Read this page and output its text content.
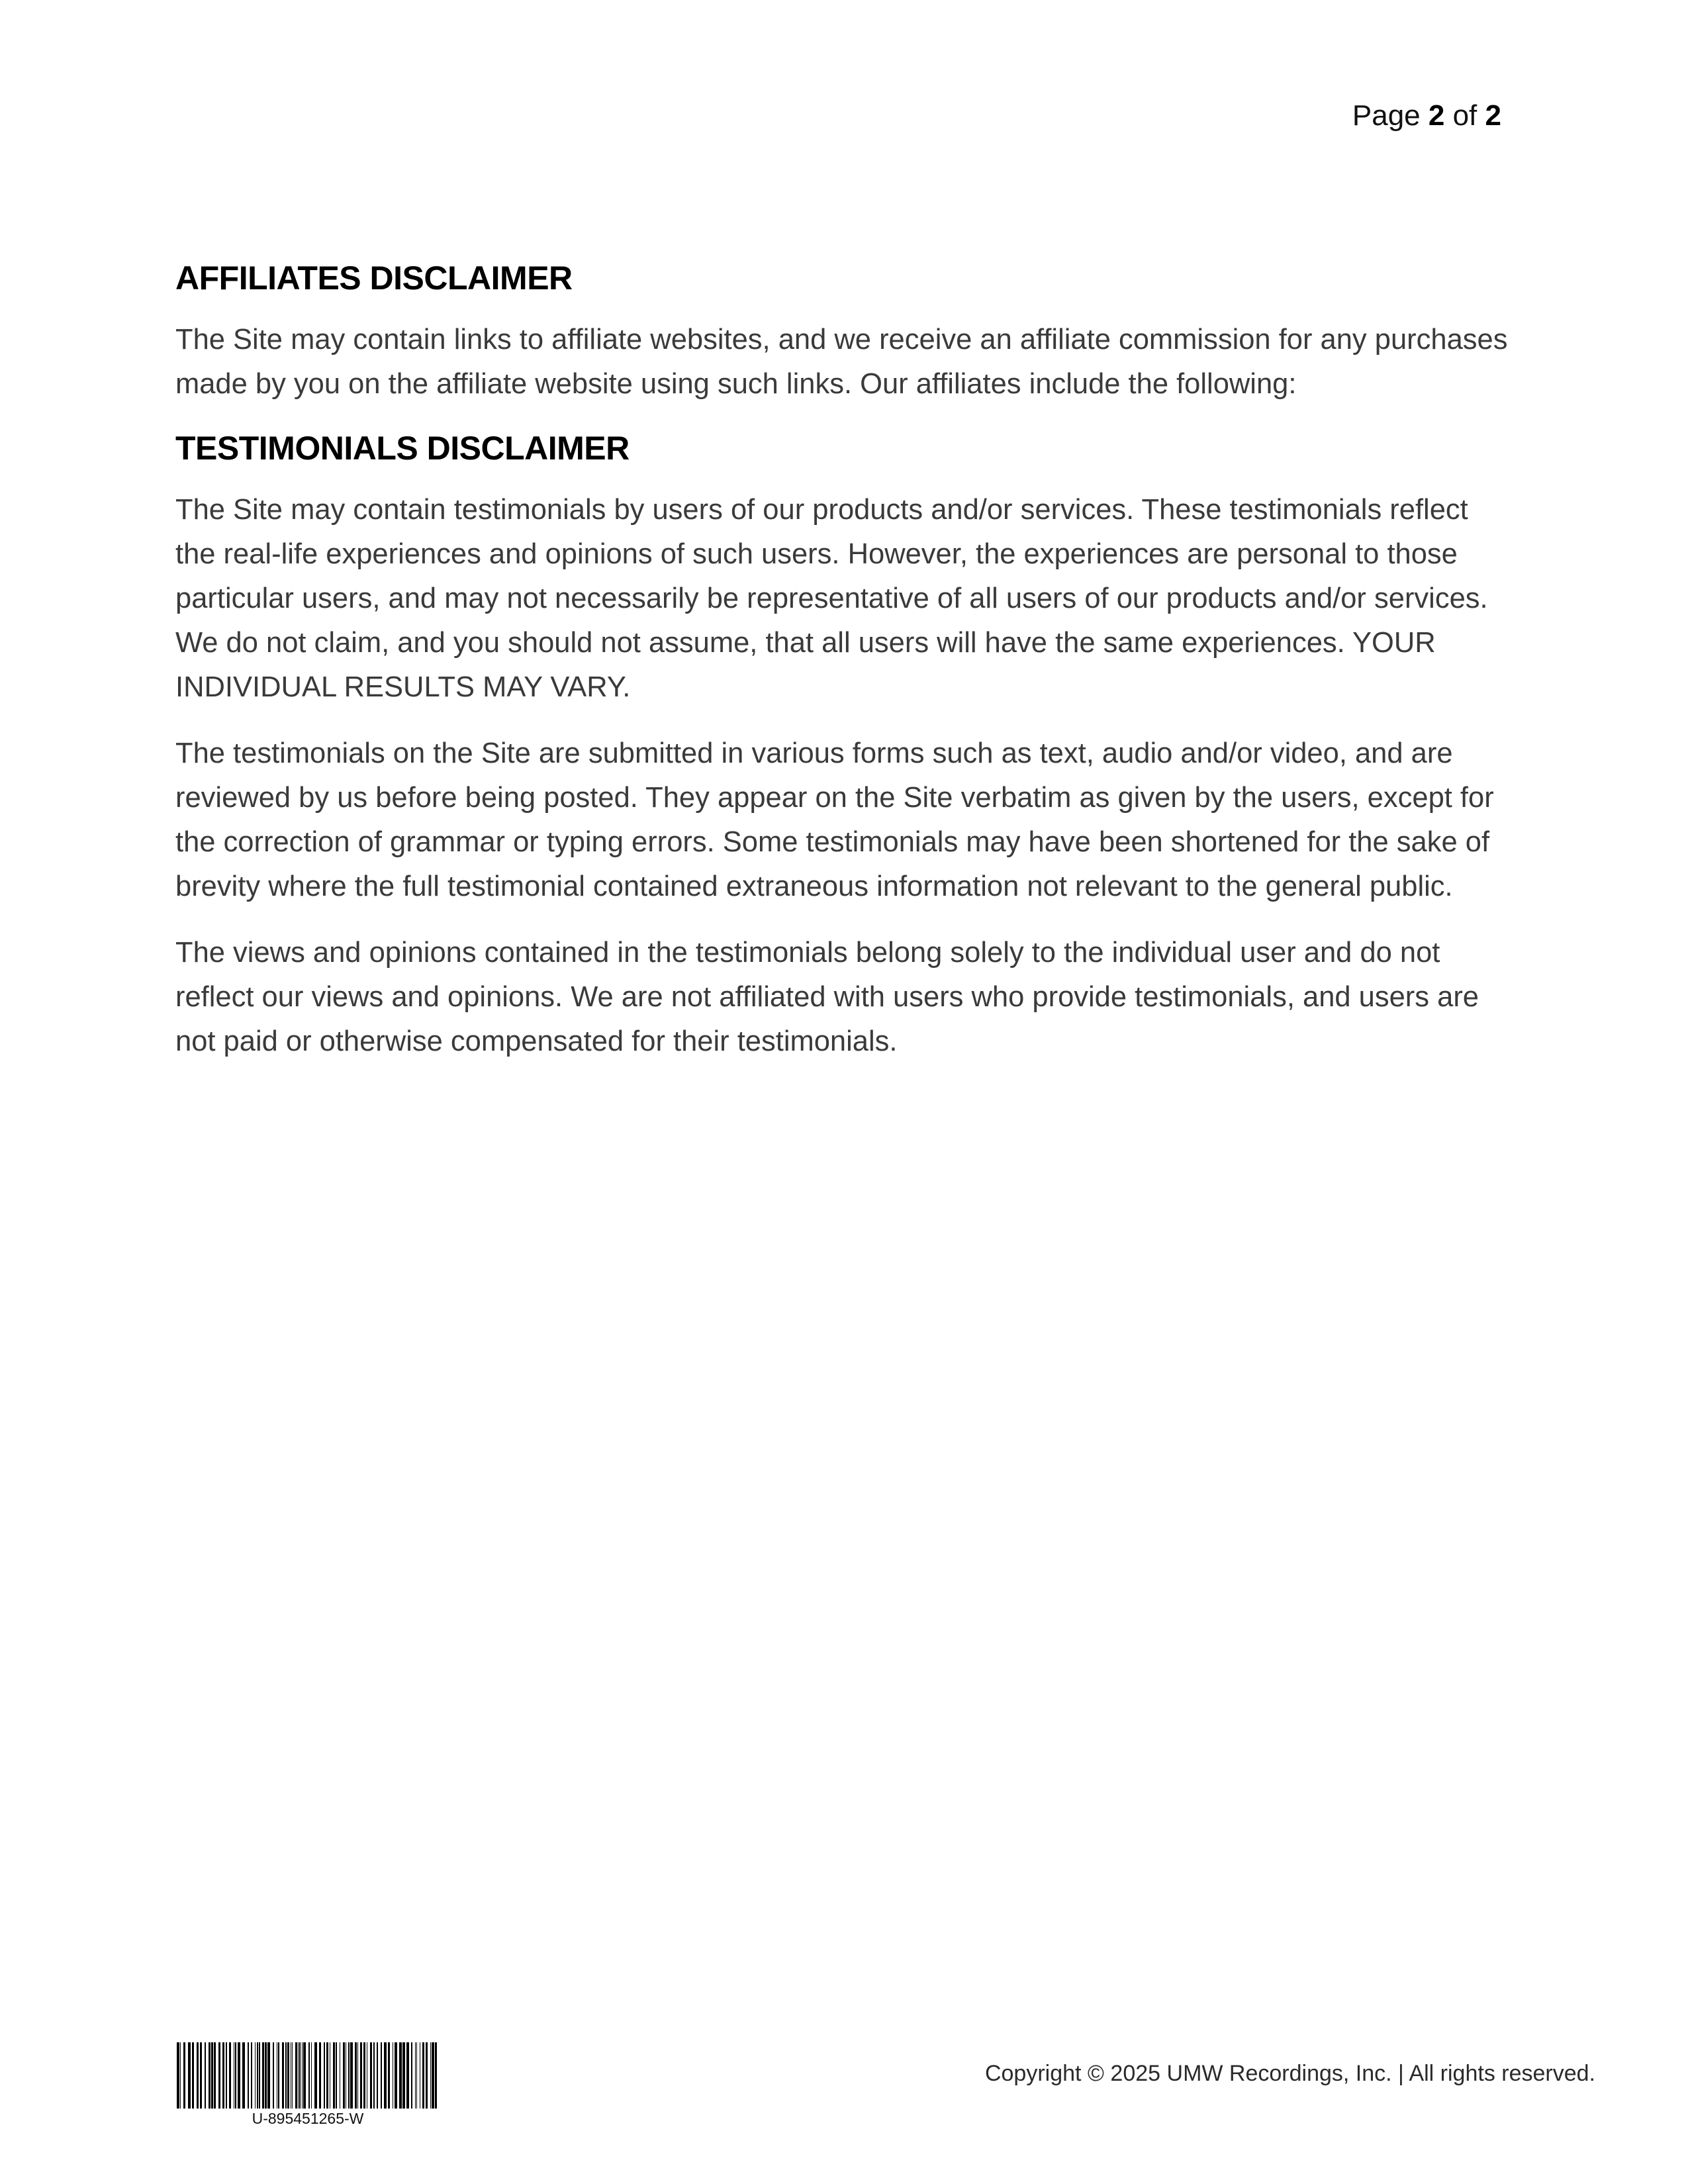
Page 2 of 2
AFFILIATES DISCLAIMER

The Site may contain links to affiliate websites, and we receive an affiliate commission for any purchases made by you on the affiliate website using such links. Our affiliates include the following:

TESTIMONIALS DISCLAIMER

The Site may contain testimonials by users of our products and/or services. These testimonials reflect the real-life experiences and opinions of such users. However, the experiences are personal to those particular users, and may not necessarily be representative of all users of our products and/or services. We do not claim, and you should not assume, that all users will have the same experiences. YOUR INDIVIDUAL RESULTS MAY VARY.

The testimonials on the Site are submitted in various forms such as text, audio and/or video, and are reviewed by us before being posted. They appear on the Site verbatim as given by the users, except for the correction of grammar or typing errors. Some testimonials may have been shortened for the sake of brevity where the full testimonial contained extraneous information not relevant to the general public.

The views and opinions contained in the testimonials belong solely to the individual user and do not reflect our views and opinions. We are not affiliated with users who provide testimonials, and users are not paid or otherwise compensated for their testimonials.

U-895451265-W
Copyright © 2025 UMW Recordings, Inc. | All rights reserved.
